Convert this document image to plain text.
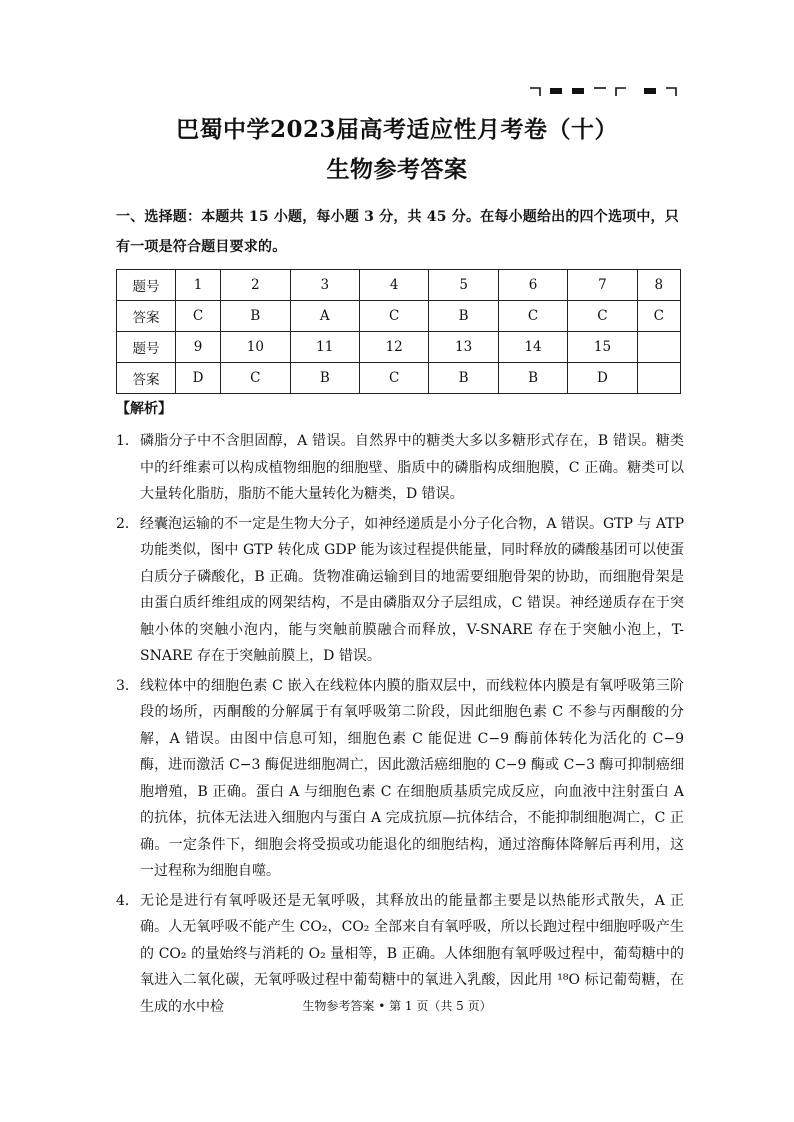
巴蜀中学2023届高考适应性月考卷（十）
生物参考答案
一、选择题：本题共 15 小题，每小题 3 分，共 45 分。在每小题给出的四个选项中，只有一项是符合题目要求的。
题号	1	2	3	4	5	6	7	8
答案	C	B	A	C	B	C	C	C
题号	9	10	11	12	13	14	15	
答案	D	C	B	C	B	B	D	
【解析】
1． 磷脂分子中不含胆固醇，A 错误。自然界中的糖类大多以多糖形式存在，B 错误。糖类中的纤维素可以构成植物细胞的细胞壁、脂质中的磷脂构成细胞膜，C 正确。糖类可以大量转化脂肪，脂肪不能大量转化为糖类，D 错误。
2． 经囊泡运输的不一定是生物大分子，如神经递质是小分子化合物，A 错误。GTP 与 ATP 功能类似，图中 GTP 转化成 GDP 能为该过程提供能量，同时释放的磷酸基团可以使蛋白质分子磷酸化，B 正确。货物准确运输到目的地需要细胞骨架的协助，而细胞骨架是由蛋白质纤维组成的网架结构，不是由磷脂双分子层组成，C 错误。神经递质存在于突触小体的突触小泡内，能与突触前膜融合而释放，V-SNARE 存在于突触小泡上，T-SNARE 存在于突触前膜上，D 错误。
3． 线粒体中的细胞色素 C 嵌入在线粒体内膜的脂双层中，而线粒体内膜是有氧呼吸第三阶段的场所，丙酮酸的分解属于有氧呼吸第二阶段，因此细胞色素 C 不参与丙酮酸的分解，A 错误。由图中信息可知，细胞色素 C 能促进 C−9 酶前体转化为活化的 C−9 酶，进而激活 C−3 酶促进细胞凋亡，因此激活癌细胞的 C−9 酶或 C−3 酶可抑制癌细胞增殖，B 正确。蛋白 A 与细胞色素 C 在细胞质基质完成反应，向血液中注射蛋白 A 的抗体，抗体无法进入细胞内与蛋白 A 完成抗原—抗体结合，不能抑制细胞凋亡，C 正确。一定条件下，细胞会将受损或功能退化的细胞结构，通过溶酶体降解后再利用，这一过程称为细胞自噬。
4． 无论是进行有氧呼吸还是无氧呼吸，其释放出的能量都主要是以热能形式散失，A 正确。人无氧呼吸不能产生 CO₂，CO₂ 全部来自有氧呼吸，所以长跑过程中细胞呼吸产生的 CO₂ 的量始终与消耗的 O₂ 量相等，B 正确。人体细胞有氧呼吸过程中，葡萄糖中的氧进入二氧化碳，无氧呼吸过程中葡萄糖中的氧进入乳酸，因此用 ¹⁸O 标记葡萄糖，在生成的水中检	生物参考答案 • 第 1 页（共 5 页）
